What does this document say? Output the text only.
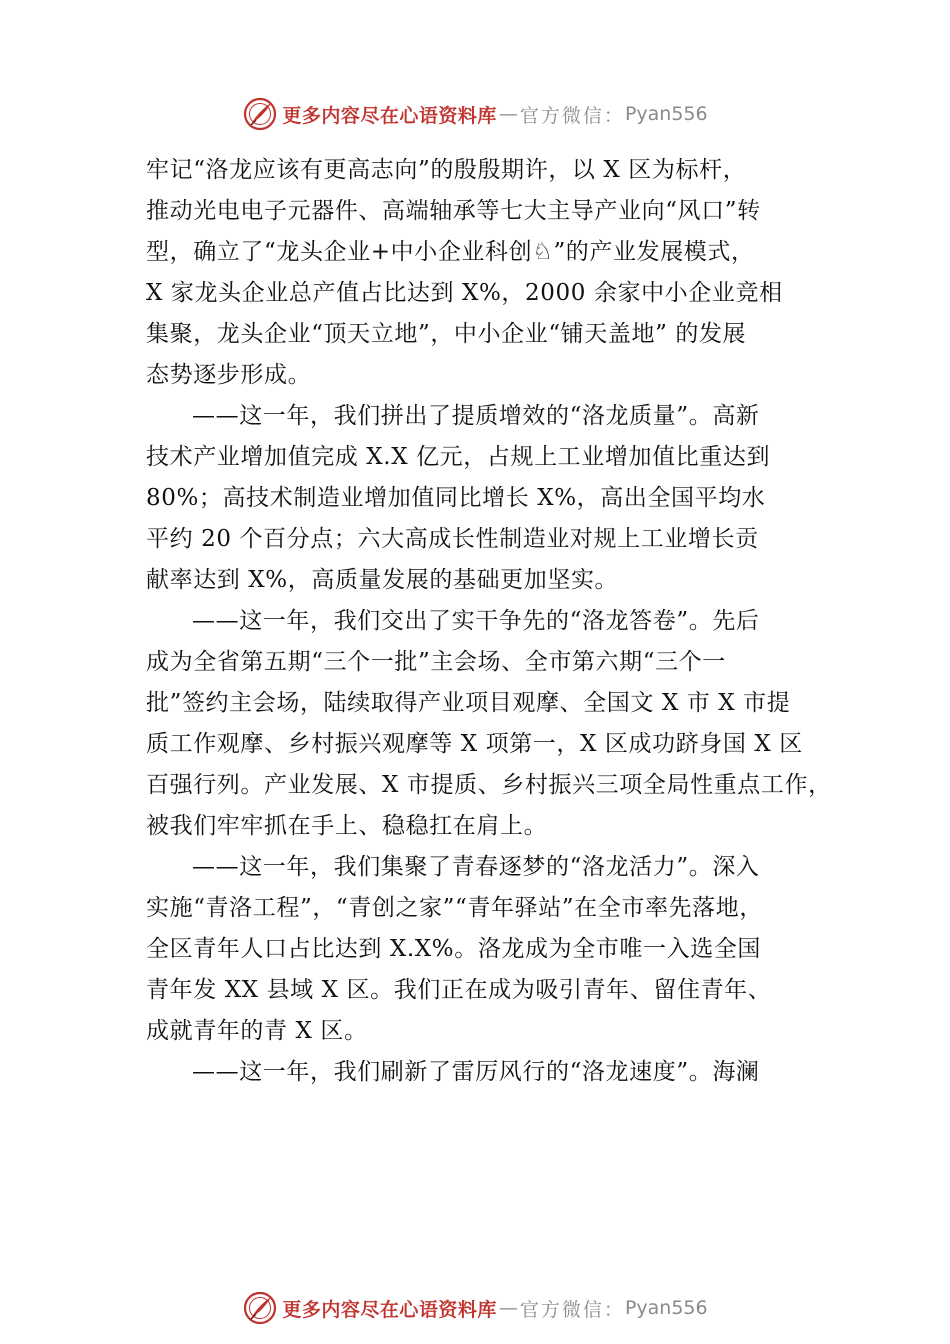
更多内容尽在心语资料库 — 官方微信： Pyan556
牢记“洛龙应该有更高志向”的殷殷期许，以 X 区为标杆，
推动光电电子元器件、高端轴承等七大主导产业向“风口”转
型，确立了“龙头企业+中小企业科创♘”的产业发展模式，
X 家龙头企业总产值占比达到 X%，2000 余家中小企业竞相
集聚，龙头企业“顶天立地”，中小企业“铺天盖地” 的发展
态势逐步形成。
——这一年，我们拼出了提质增效的“洛龙质量”。高新
技术产业增加值完成 X.X 亿元，占规上工业增加值比重达到
80%；高技术制造业增加值同比增长 X%，高出全国平均水
平约 20 个百分点；六大高成长性制造业对规上工业增长贡
献率达到 X%，高质量发展的基础更加坚实。
——这一年，我们交出了实干争先的“洛龙答卷”。先后
成为全省第五期“三个一批”主会场、全市第六期“三个一
批”签约主会场，陆续取得产业项目观摩、全国文 X 市 X 市提
质工作观摩、乡村振兴观摩等 X 项第一，X 区成功跻身国 X 区
百强行列。产业发展、X 市提质、乡村振兴三项全局性重点工作，
被我们牢牢抓在手上、稳稳扛在肩上。
——这一年，我们集聚了青春逐梦的“洛龙活力”。深入
实施“青洛工程”，“青创之家”“青年驿站”在全市率先落地，
全区青年人口占比达到 X.X%。洛龙成为全市唯一入选全国
青年发 XX 县域 X 区。我们正在成为吸引青年、留住青年、
成就青年的青 X 区。
——这一年，我们刷新了雷厉风行的“洛龙速度”。海澜
更多内容尽在心语资料库 — 官方微信： Pyan556
